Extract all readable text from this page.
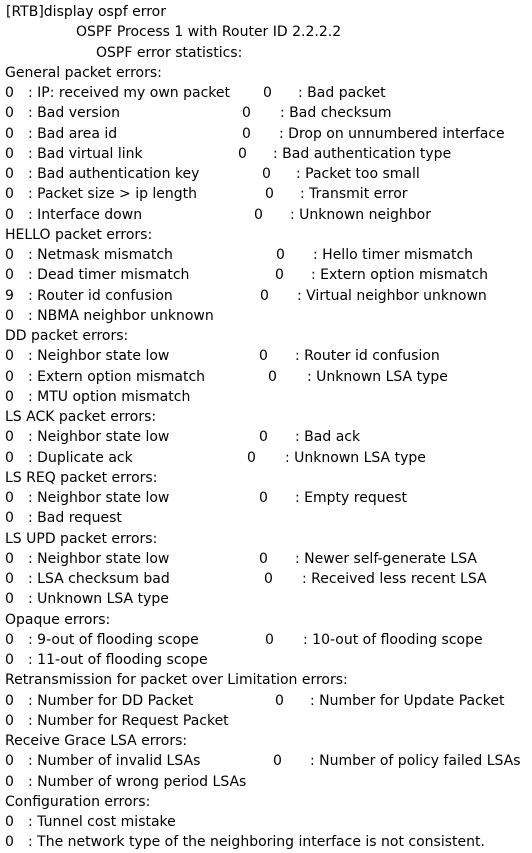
[RTB]display ospf error
OSPF Process 1 with Router ID 2.2.2.2
OSPF error statistics:
General packet errors:
0 : IP: received my own packet 0 : Bad packet
0 : Bad version	0 : Bad checksum
0 : Bad area id	0 : Drop on unnumbered interface
0 : Bad virtual link	0 : Bad authentication type
0 : Bad authentication key	0 : Packet too small
0 : Packet size > ip length	0 : Transmit error
0 : Interface down	0 : Unknown neighbor
HELLO packet errors:
0 : Netmask mismatch	0 : Hello timer mismatch
0 : Dead timer mismatch	0 : Extern option mismatch
9 : Router id confusion	0 : Virtual neighbor unknown
0 : NBMA neighbor unknown
DD packet errors:
0 : Neighbor state low	0 : Router id confusion
0 : Extern option mismatch	0 : Unknown LSA type
0 : MTU option mismatch
LS ACK packet errors:
0 : Neighbor state low	0 : Bad ack
0 : Duplicate ack	0 : Unknown LSA type
LS REQ packet errors:
0 : Neighbor state low	0 : Empty request
0 : Bad request
LS UPD packet errors:
0 : Neighbor state low	0 : Newer self-generate LSA
0 : LSA checksum bad	0 : Received less recent LSA
0 : Unknown LSA type
Opaque errors:
0 : 9-out of flooding scope	0 : 10-out of flooding scope
0 : 11-out of flooding scope
Retransmission for packet over Limitation errors:
0 : Number for DD Packet	0 : Number for Update Packet
0 : Number for Request Packet
Receive Grace LSA errors:
0 : Number of invalid LSAs	0 : Number of policy failed LSAs
0 : Number of wrong period LSAs
Configuration errors:
0 : Tunnel cost mistake
0 : The network type of the neighboring interface is not consistent.
